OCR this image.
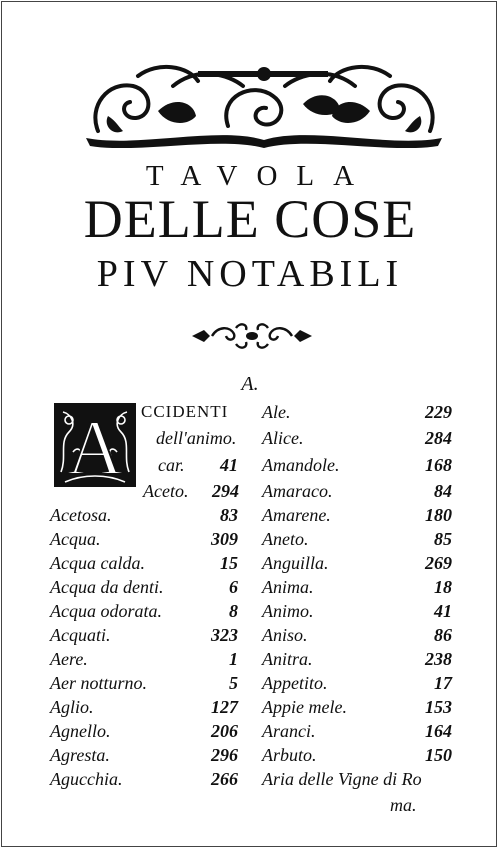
TAVOLA
DELLE COSE
PIV NOTABILI
A.
A CCIDENTI
dell'animo.
car. 41
Aceto. 294
Acetosa.	83
Acqua.	309
Acqua calda.	15
Acqua da denti.	6
Acqua odorata.	8
Acquati.	323
Aere.	1
Aer notturno.	5
Aglio.	127
Agnello.	206
Agresta.	296
Agucchia.	266
Ale.	229
Alice.	284
Amandole.	168
Amaraco.	84
Amarene.	180
Aneto.	85
Anguilla.	269
Anima.	18
Animo.	41
Aniso.	86
Anitra.	238
Appetito.	17
Appie mele.	153
Aranci.	164
Arbuto.	150
Aria delle Vigne di Ro
ma.
